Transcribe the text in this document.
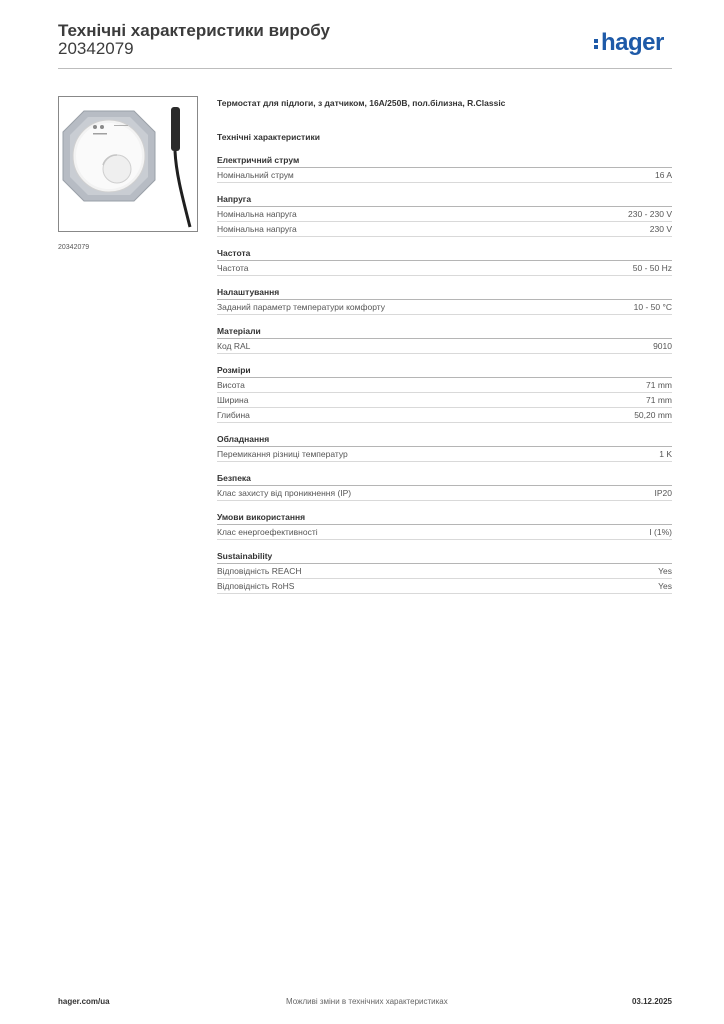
Технічні характеристики виробу
20342079	hager
20342079
Термостат для підлоги, з датчиком, 16А/250В, пол.білизна, R.Classic
Технічні характеристики
Електричний струм
Номінальний струм	16 A
Напруга
Номінальна напруга	230 - 230 V
Номінальна напруга	230 V
Частота
Частота	50 - 50 Hz
Налаштування
Заданий параметр температури комфорту	10 - 50 °C
Матеріали
Код RAL	9010
Розміри
Висота	71 mm
Ширина	71 mm
Глибина	50,20 mm
Обладнання
Перемикання різниці температур	1 K
Безпека
Клас захисту від проникнення (IP)	IP20
Умови використання
Клас енергоефективності	I (1%)
Sustainability
Відповідність REACH	Yes
Відповідність RoHS	Yes
hager.com/ua	Можливі зміни в технічних характеристиках	03.12.2025
